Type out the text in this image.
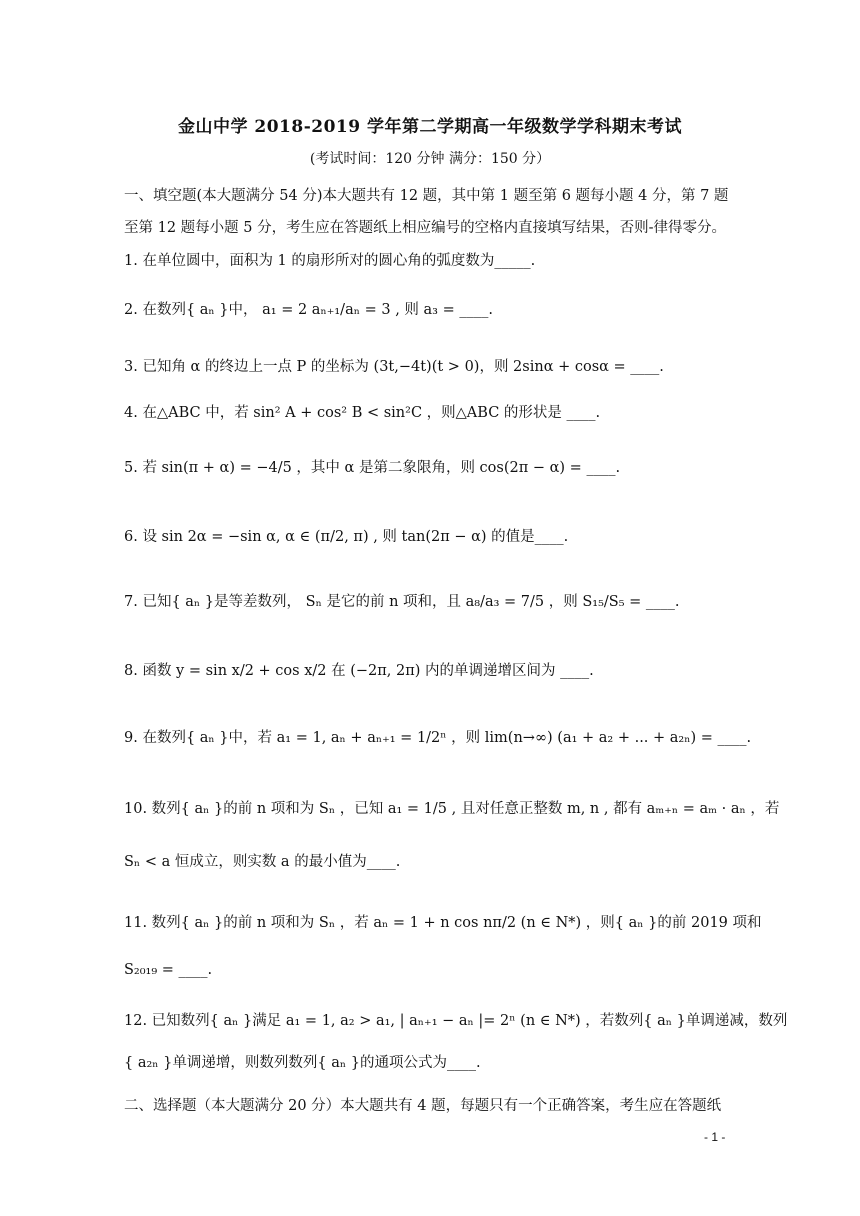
金山中学 2018-2019 学年第二学期高一年级数学学科期末考试
(考试时间：120 分钟 满分：150 分）
一、填空题(本大题满分 54 分)本大题共有 12 题，其中第 1 题至第 6 题每小题 4 分，第 7 题
至第 12 题每小题 5 分，考生应在答题纸上相应编号的空格内直接填写结果，否则-律得零分。
1. 在单位圆中，面积为 1 的扇形所对的圆心角的弧度数为_____.
2. 在数列{ aₙ }中， a₁ = 2 aₙ₊₁/aₙ = 3 , 则 a₃ = ____.
3. 已知角 α 的终边上一点 P 的坐标为 (3t,−4t)(t > 0)，则 2sinα + cosα = ____.
4. 在△ABC 中，若 sin² A + cos² B < sin²C ，则△ABC 的形状是 ____.
5. 若 sin(π + α) = −4/5 ，其中 α 是第二象限角，则 cos(2π − α) = ____.
6. 设 sin 2α = −sin α, α ∈ (π/2, π) , 则 tan(2π − α) 的值是____.
7. 已知{ aₙ }是等差数列， Sₙ 是它的前 n 项和，且 a₈/a₃ = 7/5 ，则 S₁₅/S₅ = ____.
8. 函数 y = sin x/2 + cos x/2 在 (−2π, 2π) 内的单调递增区间为 ____.
9. 在数列{ aₙ }中，若 a₁ = 1, aₙ + aₙ₊₁ = 1/2ⁿ ，则 lim(n→∞) (a₁ + a₂ + ... + a₂ₙ) = ____.
10. 数列{ aₙ }的前 n 项和为 Sₙ ，已知 a₁ = 1/5 , 且对任意正整数 m, n , 都有 aₘ₊ₙ = aₘ · aₙ ，若
Sₙ < a 恒成立，则实数 a 的最小值为____.
11. 数列{ aₙ }的前 n 项和为 Sₙ ，若 aₙ = 1 + n cos nπ/2 (n ∈ N*) ，则{ aₙ }的前 2019 项和
S₂₀₁₉ = ____.
12. 已知数列{ aₙ }满足 a₁ = 1, a₂ > a₁, | aₙ₊₁ − aₙ |= 2ⁿ (n ∈ N*) ，若数列{ aₙ }单调递减，数列
{ a₂ₙ }单调递增，则数列数列{ aₙ }的通项公式为____.
二、选择题（本大题满分 20 分）本大题共有 4 题，每题只有一个正确答案，考生应在答题纸
- 1 -
